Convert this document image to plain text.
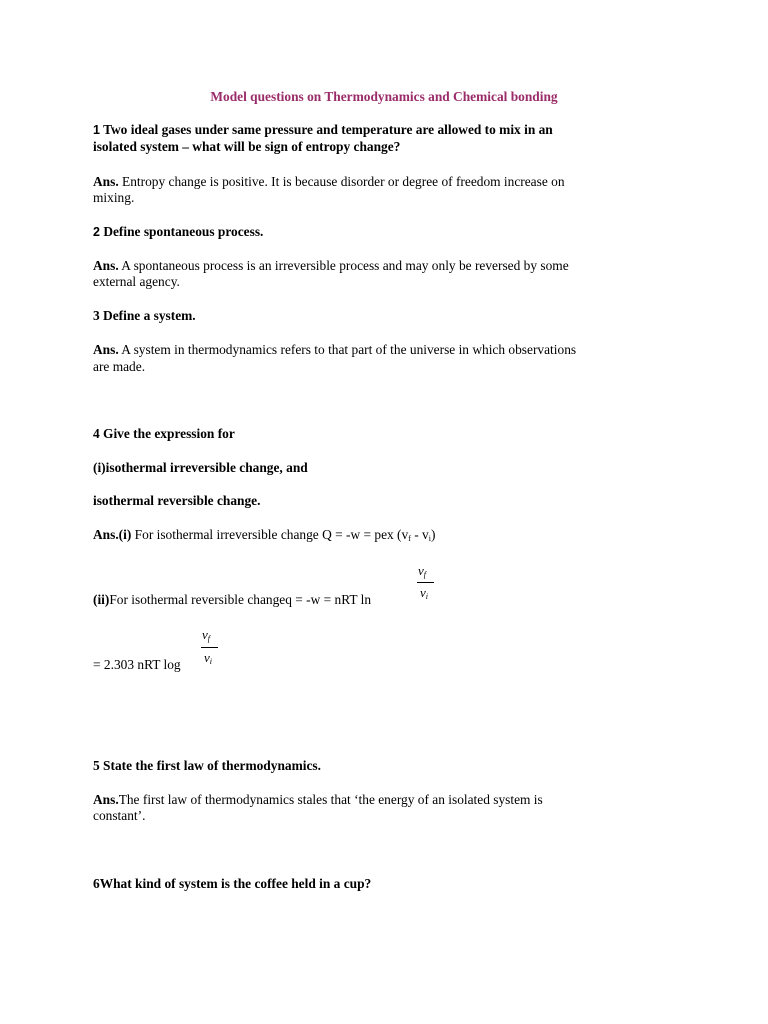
Model questions on Thermodynamics and Chemical bonding

1 Two ideal gases under same pressure and temperature are allowed to mix in an

isolated system – what will be sign of entropy change?

Ans. Entropy change is positive. It is because disorder or degree of freedom increase on

mixing.

2 Define spontaneous process.

Ans. A spontaneous process is an irreversible process and may only be reversed by some

external agency.

3 Define a system.

Ans. A system in thermodynamics refers to that part of the universe in which observations

are made.

4 Give the expression for

(i)isothermal irreversible change, and

isothermal reversible change.

Ans.(i) For isothermal irreversible change Q = -w = pex $(v_f - v_i)$

(ii)For isothermal reversible changeq = -w = nRT ln

$v_f$
$v_i$

= 2.303 nRT log

$v_f$
$v_i$

5 State the first law of thermodynamics.

Ans.The first law of thermodynamics stales that ‘the energy of an isolated system is

constant’.

6What kind of system is the coffee held in a cup?
